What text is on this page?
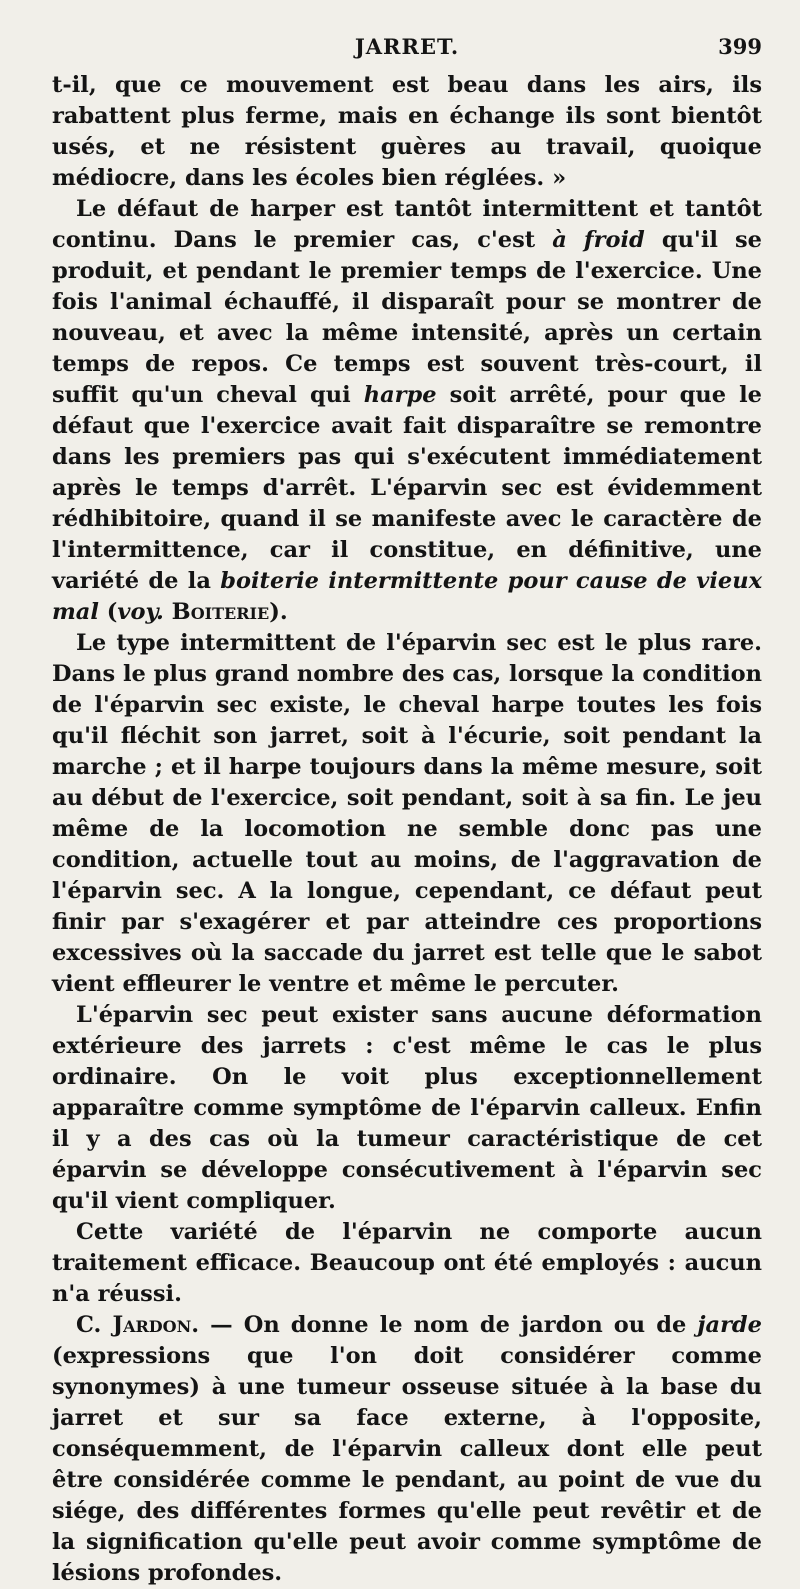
JARRET.	399

t-il, que ce mouvement est beau dans les airs, ils rabattent plus ferme, mais en échange ils sont bientôt usés, et ne résistent guères au travail, quoique médiocre, dans les écoles bien réglées. »

Le défaut de harper est tantôt intermittent et tantôt continu. Dans le premier cas, c'est à froid qu'il se produit, et pendant le premier temps de l'exercice. Une fois l'animal échauffé, il disparaît pour se montrer de nouveau, et avec la même intensité, après un certain temps de repos. Ce temps est souvent très-court, il suffit qu'un cheval qui harpe soit arrêté, pour que le défaut que l'exercice avait fait disparaître se remontre dans les premiers pas qui s'exécutent immédiatement après le temps d'arrêt. L'éparvin sec est évidemment rédhibitoire, quand il se manifeste avec le caractère de l'intermittence, car il constitue, en définitive, une variété de la boiterie intermittente pour cause de vieux mal (voy. Boiterie).

Le type intermittent de l'éparvin sec est le plus rare. Dans le plus grand nombre des cas, lorsque la condition de l'éparvin sec existe, le cheval harpe toutes les fois qu'il fléchit son jarret, soit à l'écurie, soit pendant la marche ; et il harpe toujours dans la même mesure, soit au début de l'exercice, soit pendant, soit à sa fin. Le jeu même de la locomotion ne semble donc pas une condition, actuelle tout au moins, de l'aggravation de l'éparvin sec. A la longue, cependant, ce défaut peut finir par s'exagérer et par atteindre ces proportions excessives où la saccade du jarret est telle que le sabot vient effleurer le ventre et même le percuter.

L'éparvin sec peut exister sans aucune déformation extérieure des jarrets : c'est même le cas le plus ordinaire. On le voit plus exceptionnellement apparaître comme symptôme de l'éparvin calleux. Enfin il y a des cas où la tumeur caractéristique de cet éparvin se développe consécutivement à l'éparvin sec qu'il vient compliquer.

Cette variété de l'éparvin ne comporte aucun traitement efficace. Beaucoup ont été employés : aucun n'a réussi.

C. Jardon. — On donne le nom de jardon ou de jarde (expressions que l'on doit considérer comme synonymes) à une tumeur osseuse située à la base du jarret et sur sa face externe, à l'opposite, conséquemment, de l'éparvin calleux dont elle peut être considérée comme le pendant, au point de vue du siége, des différentes formes qu'elle peut revêtir et de la signification qu'elle peut avoir comme symptôme de lésions profondes.
